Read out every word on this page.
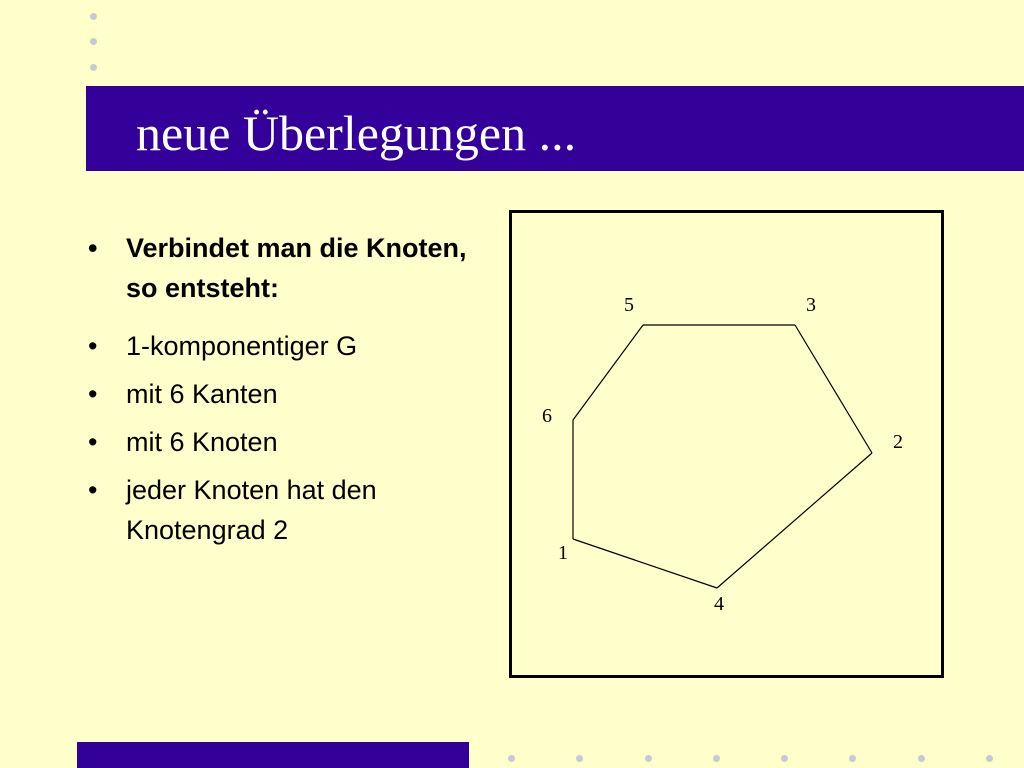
neue Überlegungen ...
• Verbindet man die Knoten, so entsteht:
• 1-komponentiger G
• mit 6 Kanten
• mit 6 Knoten
• jeder Knoten hat den Knotengrad 2
1
2
3
4
5
6
